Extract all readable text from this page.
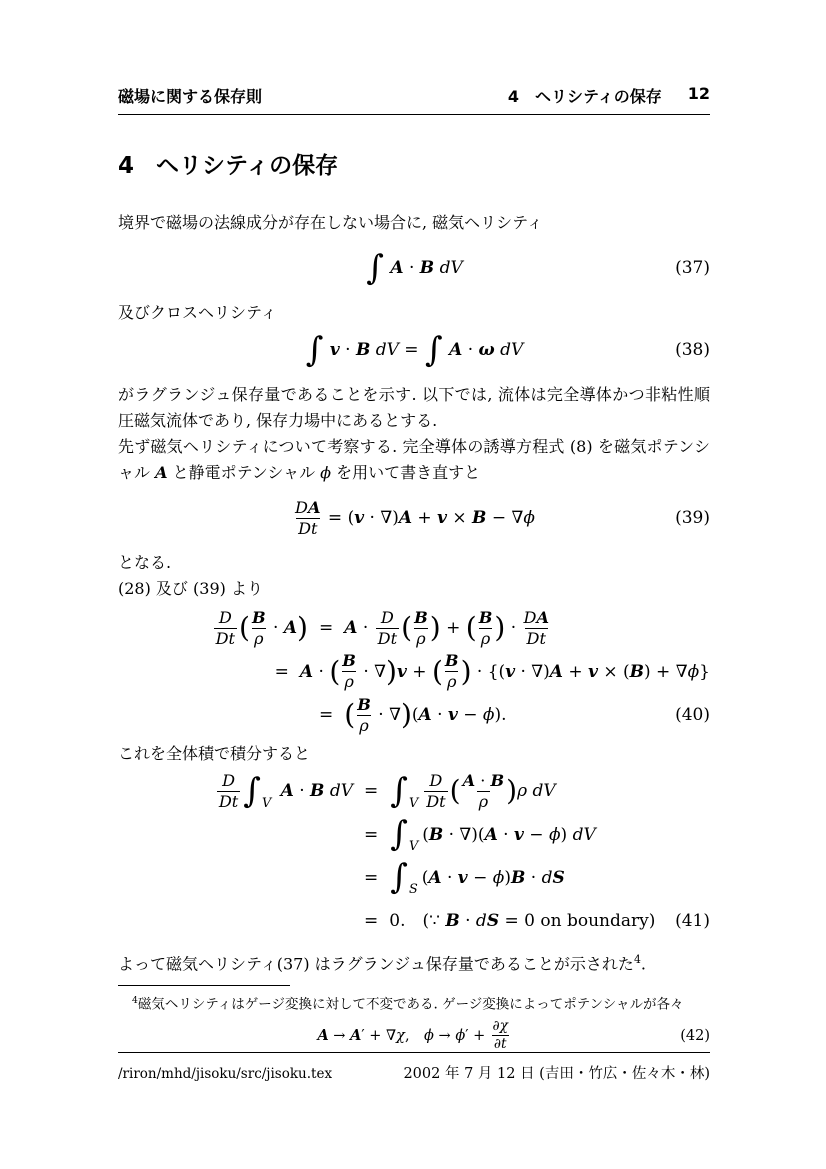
磁場に関する保存則	4　ヘリシティの保存 12
4 ヘリシティの保存

境界で磁場の法線成分が存在しない場合に, 磁気ヘリシティ

∫ A · B dV	(37)

及びクロスヘリシティ

∫ v · B dV = ∫ A · ω dV	(38)

がラグランジュ保存量であることを示す. 以下では, 流体は完全導体かつ非粘性順圧磁気流体であり, 保存力場中にあるとする.

先ず磁気ヘリシティについて考察する. 完全導体の誘導方程式 (8) を磁気ポテンシャル A と静電ポテンシャル ϕ を用いて書き直すと

$\frac{DA}{Dt} = (v \cdot \nabla)A + v \times B - \nabla\phi$	(39)

となる.

(28) 及び (39) より

$\frac{D}{Dt}$ ( $\frac{B}{\rho} \cdot A$ ) = $A \cdot \frac{D}{Dt}$ ( $\frac{B}{\rho}$ ) + ( $\frac{B}{\rho}$ ) · $\frac{DA}{Dt}$
= A · ( $\frac{B}{\rho}$ · ∇ ) v + ( $\frac{B}{\rho}$ ) · {(v · ∇)A + v × (B) + ∇ϕ}
= ( $\frac{B}{\rho}$ · ∇ ) (A · v − ϕ).	(40)

これを全体積で積分すると

$\frac{D}{Dt}$ ∫ V
A · B dV = ∫ V $\frac{D}{Dt}$ ( $\frac{A \cdot B}{\rho}$ ) ρ dV
= ∫ V
(B · ∇)(A · v − ϕ) dV
= ∫ S
(A · v − ϕ)B · dS
= 0.  (∵ B · dS = 0 on boundary) (41)

よって磁気ヘリシティ(37) はラグランジュ保存量であることが示された$^4$.

$^4$磁気ヘリシティはゲージ変換に対して不変である. ゲージ変換によってポテンシャルが各々

A → A′ + ∇χ, $\phi \to \phi' + \frac{\partial\chi}{\partial t}$	(42)
/riron/mhd/jisoku/src/jisoku.tex	2002 年 7 月 12 日 (吉田・竹広・佐々木・林)
